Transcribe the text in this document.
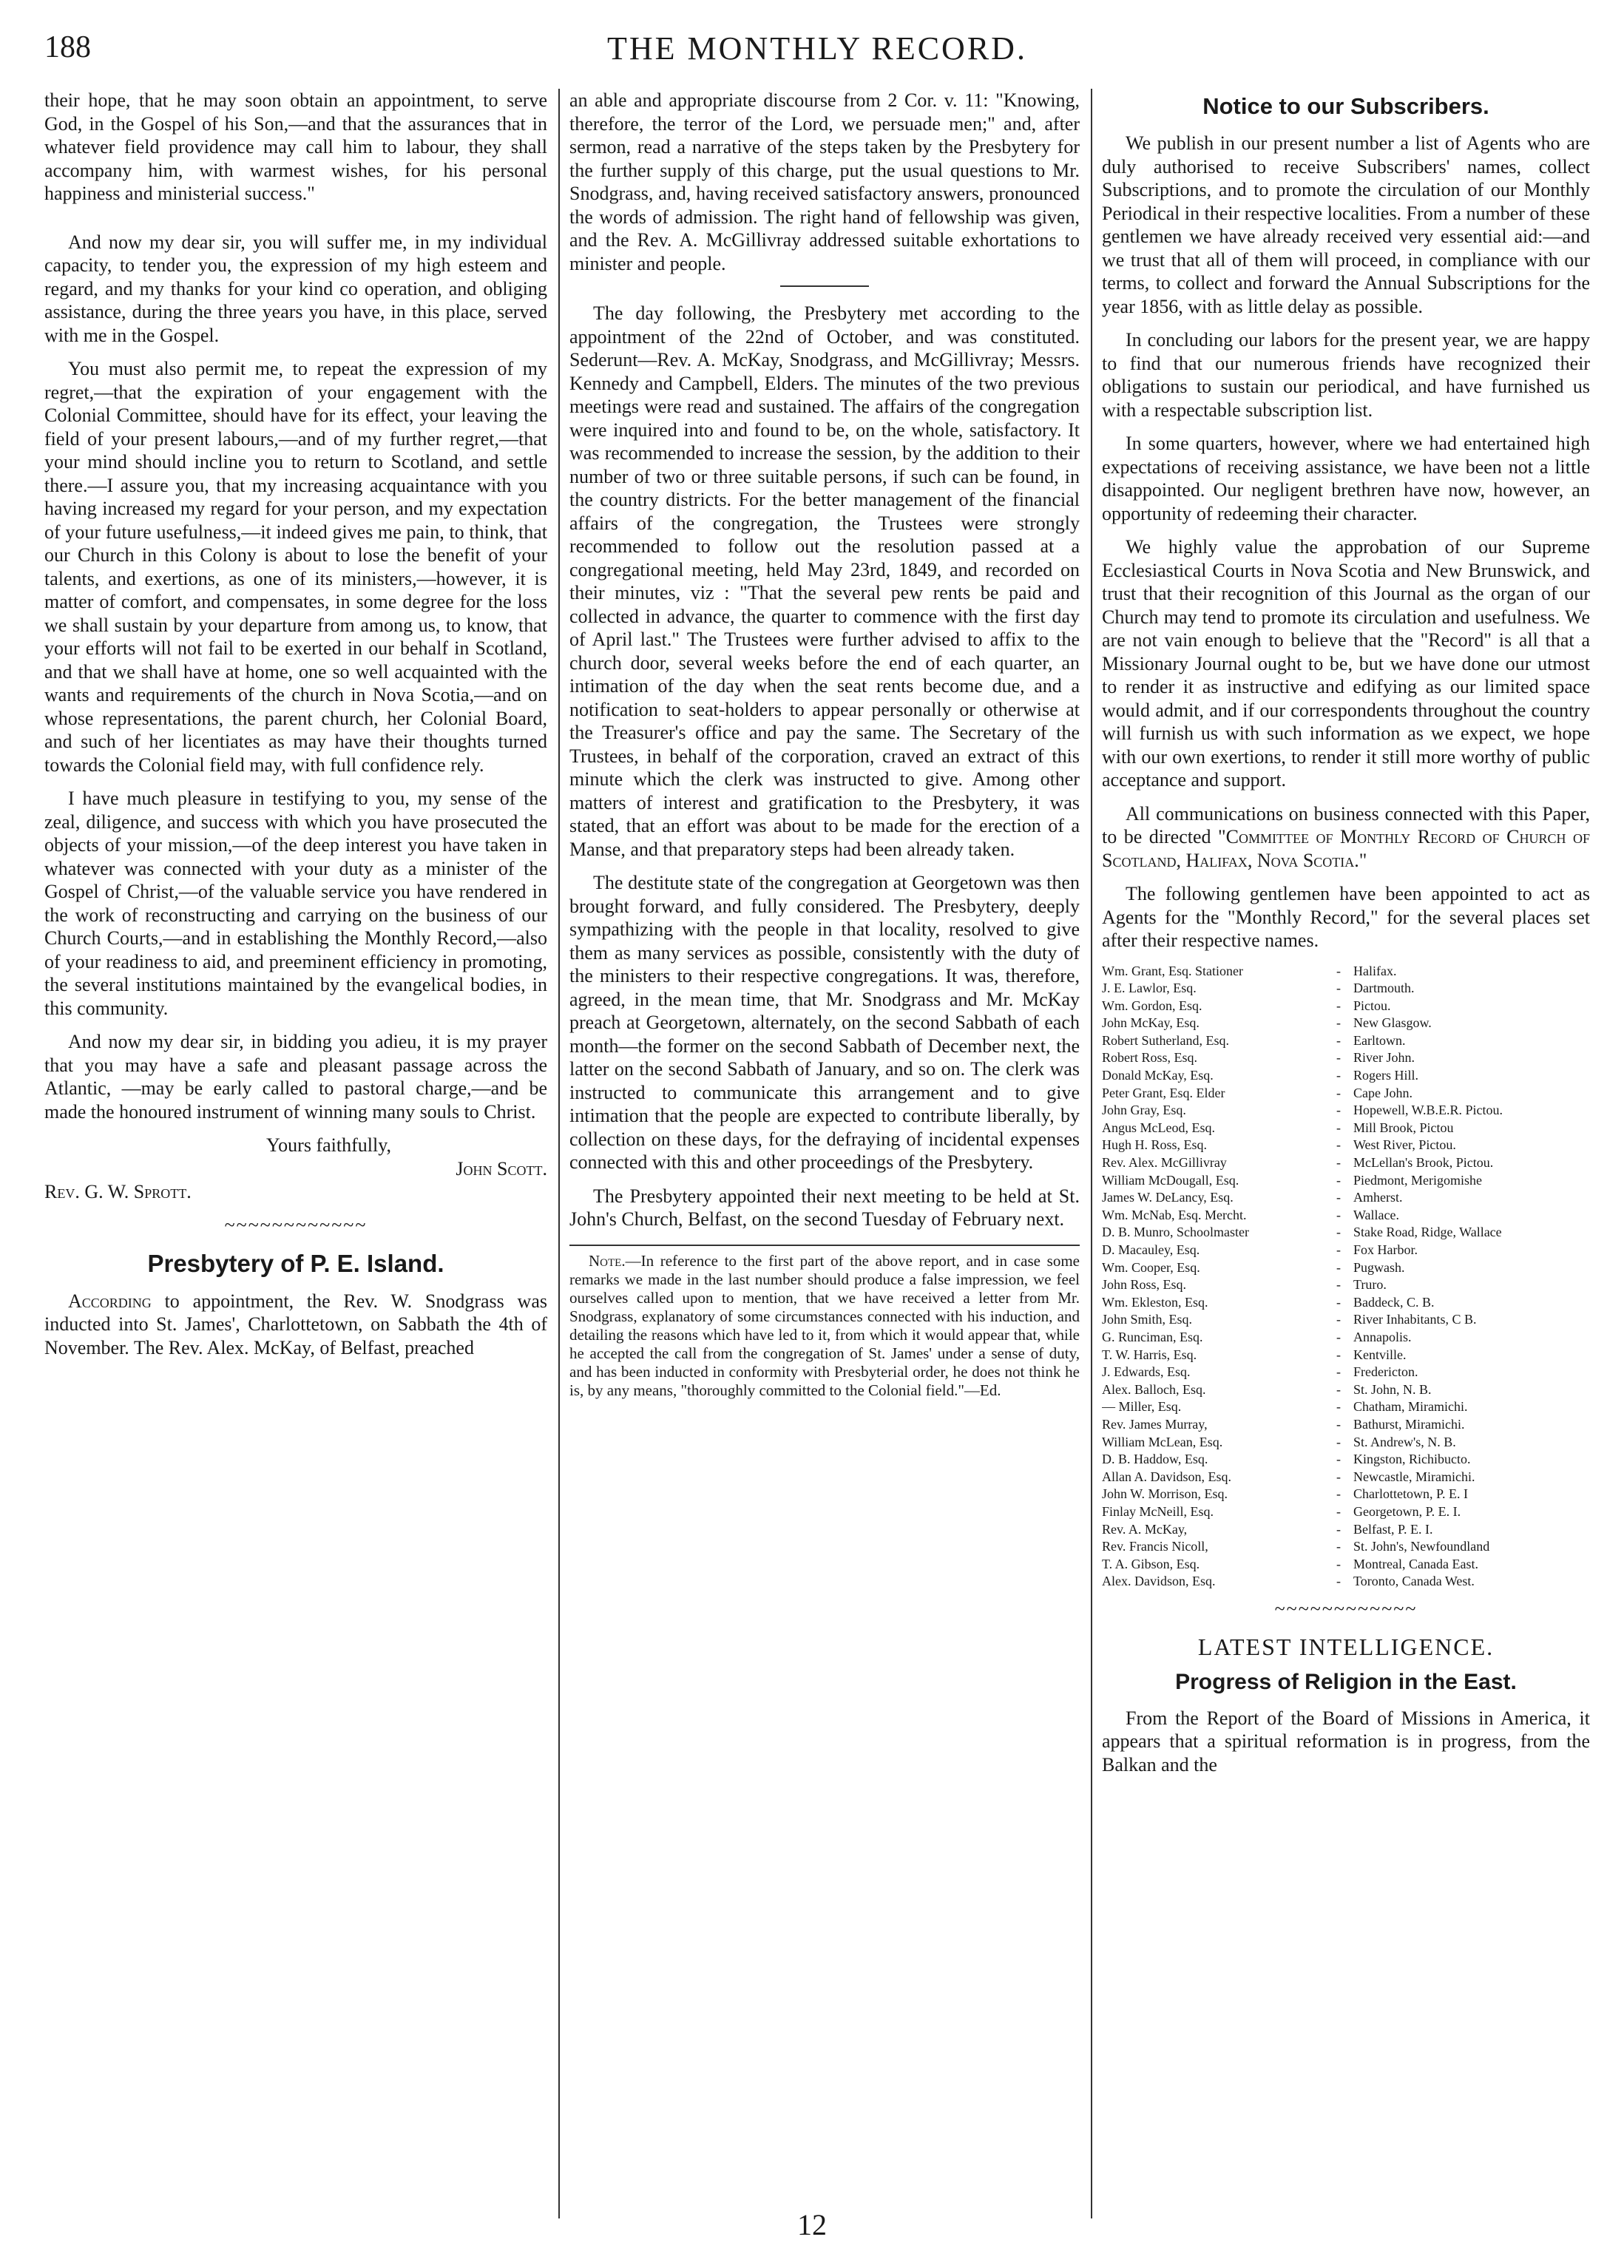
188	THE MONTHLY RECORD.

their hope, that he may soon obtain an appointment, to serve God, in the Gospel of his Son,—and that the assurances that in whatever field providence may call him to labour, they shall accompany him, with warmest wishes, for his personal happiness and ministerial success."

And now my dear sir, you will suffer me, in my individual capacity, to tender you, the expression of my high esteem and regard, and my thanks for your kind co operation, and obliging assistance, during the three years you have, in this place, served with me in the Gospel.

You must also permit me, to repeat the expression of my regret,—that the expiration of your engagement with the Colonial Committee, should have for its effect, your leaving the field of your present labours,—and of my further regret,—that your mind should incline you to return to Scotland, and settle there.—I assure you, that my increasing acquaintance with you having increased my regard for your person, and my expectation of your future usefulness,—it indeed gives me pain, to think, that our Church in this Colony is about to lose the benefit of your talents, and exertions, as one of its ministers,—however, it is matter of comfort, and compensates, in some degree for the loss we shall sustain by your departure from among us, to know, that your efforts will not fail to be exerted in our behalf in Scotland, and that we shall have at home, one so well acquainted with the wants and requirements of the church in Nova Scotia,—and on whose representations, the parent church, her Colonial Board, and such of her licentiates as may have their thoughts turned towards the Colonial field may, with full confidence rely.

I have much pleasure in testifying to you, my sense of the zeal, diligence, and success with which you have prosecuted the objects of your mission,—of the deep interest you have taken in whatever was connected with your duty as a minister of the Gospel of Christ,—of the valuable service you have rendered in the work of reconstructing and carrying on the business of our Church Courts,—and in establishing the Monthly Record,—also of your readiness to aid, and preeminent efficiency in promoting, the several institutions maintained by the evangelical bodies, in this community.

And now my dear sir, in bidding you adieu, it is my prayer that you may have a safe and pleasant passage across the Atlantic, —may be early called to pastoral charge,—and be made the honoured instrument of winning many souls to Christ.

Yours faithfully,

John Scott.

Rev. G. W. Sprott.

~~~~~~~~~~~~
Presbytery of P. E. Island.

According to appointment, the Rev. W. Snodgrass was inducted into St. James', Charlottetown, on Sabbath the 4th of November. The Rev. Alex. McKay, of Belfast, preached

an able and appropriate discourse from 2 Cor. v. 11: "Knowing, therefore, the terror of the Lord, we persuade men;" and, after sermon, read a narrative of the steps taken by the Presbytery for the further supply of this charge, put the usual questions to Mr. Snodgrass, and, having received satisfactory answers, pronounced the words of admission. The right hand of fellowship was given, and the Rev. A. McGillivray addressed suitable exhortations to minister and people.

The day following, the Presbytery met according to the appointment of the 22nd of October, and was constituted. Sederunt—Rev. A. McKay, Snodgrass, and McGillivray; Messrs. Kennedy and Campbell, Elders. The minutes of the two previous meetings were read and sustained. The affairs of the congregation were inquired into and found to be, on the whole, satisfactory. It was recommended to increase the session, by the addition to their number of two or three suitable persons, if such can be found, in the country districts. For the better management of the financial affairs of the congregation, the Trustees were strongly recommended to follow out the resolution passed at a congregational meeting, held May 23rd, 1849, and recorded on their minutes, viz : "That the several pew rents be paid and collected in advance, the quarter to commence with the first day of April last." The Trustees were further advised to affix to the church door, several weeks before the end of each quarter, an intimation of the day when the seat rents become due, and a notification to seat-holders to appear personally or otherwise at the Treasurer's office and pay the same. The Secretary of the Trustees, in behalf of the corporation, craved an extract of this minute which the clerk was instructed to give. Among other matters of interest and gratification to the Presbytery, it was stated, that an effort was about to be made for the erection of a Manse, and that preparatory steps had been already taken.

The destitute state of the congregation at Georgetown was then brought forward, and fully considered. The Presbytery, deeply sympathizing with the people in that locality, resolved to give them as many services as possible, consistently with the duty of the ministers to their respective congregations. It was, therefore, agreed, in the mean time, that Mr. Snodgrass and Mr. McKay preach at Georgetown, alternately, on the second Sabbath of each month—the former on the second Sabbath of December next, the latter on the second Sabbath of January, and so on. The clerk was instructed to communicate this arrangement and to give intimation that the people are expected to contribute liberally, by collection on these days, for the defraying of incidental expenses connected with this and other proceedings of the Presbytery.

The Presbytery appointed their next meeting to be held at St. John's Church, Belfast, on the second Tuesday of February next.

Note.—In reference to the first part of the above report, and in case some remarks we made in the last number should produce a false impression, we feel ourselves called upon to mention, that we have received a letter from Mr. Snodgrass, explanatory of some circumstances connected with his induction, and detailing the reasons which have led to it, from which it would appear that, while he accepted the call from the congregation of St. James' under a sense of duty, and has been inducted in conformity with Presbyterial order, he does not think he is, by any means, "thoroughly committed to the Colonial field."—Ed.

Notice to our Subscribers.

We publish in our present number a list of Agents who are duly authorised to receive Subscribers' names, collect Subscriptions, and to promote the circulation of our Monthly Periodical in their respective localities. From a number of these gentlemen we have already received very essential aid:—and we trust that all of them will proceed, in compliance with our terms, to collect and forward the Annual Subscriptions for the year 1856, with as little delay as possible.

In concluding our labors for the present year, we are happy to find that our numerous friends have recognized their obligations to sustain our periodical, and have furnished us with a respectable subscription list.

In some quarters, however, where we had entertained high expectations of receiving assistance, we have been not a little disappointed. Our negligent brethren have now, however, an opportunity of redeeming their character.

We highly value the approbation of our Supreme Ecclesiastical Courts in Nova Scotia and New Brunswick, and trust that their recognition of this Journal as the organ of our Church may tend to promote its circulation and usefulness. We are not vain enough to believe that the "Record" is all that a Missionary Journal ought to be, but we have done our utmost to render it as instructive and edifying as our limited space would admit, and if our correspondents throughout the country will furnish us with such information as we expect, we hope with our own exertions, to render it still more worthy of public acceptance and support.

All communications on business connected with this Paper, to be directed "Committee of Monthly Record of Church of Scotland, Halifax, Nova Scotia."

The following gentlemen have been appointed to act as Agents for the "Monthly Record," for the several places set after their respective names.

Wm. Grant, Esq. Stationer	-	Halifax.
J. E. Lawlor, Esq.	-	Dartmouth.
Wm. Gordon, Esq.	-	Pictou.
John McKay, Esq.	-	New Glasgow.
Robert Sutherland, Esq.	-	Earltown.
Robert Ross, Esq.	-	River John.
Donald McKay, Esq.	-	Rogers Hill.
Peter Grant, Esq. Elder	-	Cape John.
John Gray, Esq.	-	Hopewell, W.B.E.R. Pictou.
Angus McLeod, Esq.	-	Mill Brook, Pictou
Hugh H. Ross, Esq.	-	West River, Pictou.
Rev. Alex. McGillivray	-	McLellan's Brook, Pictou.
William McDougall, Esq.	-	Piedmont, Merigomishe
James W. DeLancy, Esq.	-	Amherst.
Wm. McNab, Esq. Mercht.	-	Wallace.
D. B. Munro, Schoolmaster	-	Stake Road, Ridge, Wallace
D. Macauley, Esq.	-	Fox Harbor.
Wm. Cooper, Esq.	-	Pugwash.
John Ross, Esq.	-	Truro.
Wm. Ekleston, Esq.	-	Baddeck, C. B.
John Smith, Esq.	-	River Inhabitants, C B.
G. Runciman, Esq.	-	Annapolis.
T. W. Harris, Esq.	-	Kentville.
J. Edwards, Esq.	-	Fredericton.
Alex. Balloch, Esq.	-	St. John, N. B.
— Miller, Esq.	-	Chatham, Miramichi.
Rev. James Murray,	-	Bathurst, Miramichi.
William McLean, Esq.	-	St. Andrew's, N. B.
D. B. Haddow, Esq.	-	Kingston, Richibucto.
Allan A. Davidson, Esq.	-	Newcastle, Miramichi.
John W. Morrison, Esq.	-	Charlottetown, P. E. I
Finlay McNeill, Esq.	-	Georgetown, P. E. I.
Rev. A. McKay,	-	Belfast, P. E. I.
Rev. Francis Nicoll,	-	St. John's, Newfoundland
T. A. Gibson, Esq.	-	Montreal, Canada East.
Alex. Davidson, Esq.	-	Toronto, Canada West.
~~~~~~~~~~~~
LATEST INTELLIGENCE.
Progress of Religion in the East.

From the Report of the Board of Missions in America, it appears that a spiritual reformation is in progress, from the Balkan and the

12
